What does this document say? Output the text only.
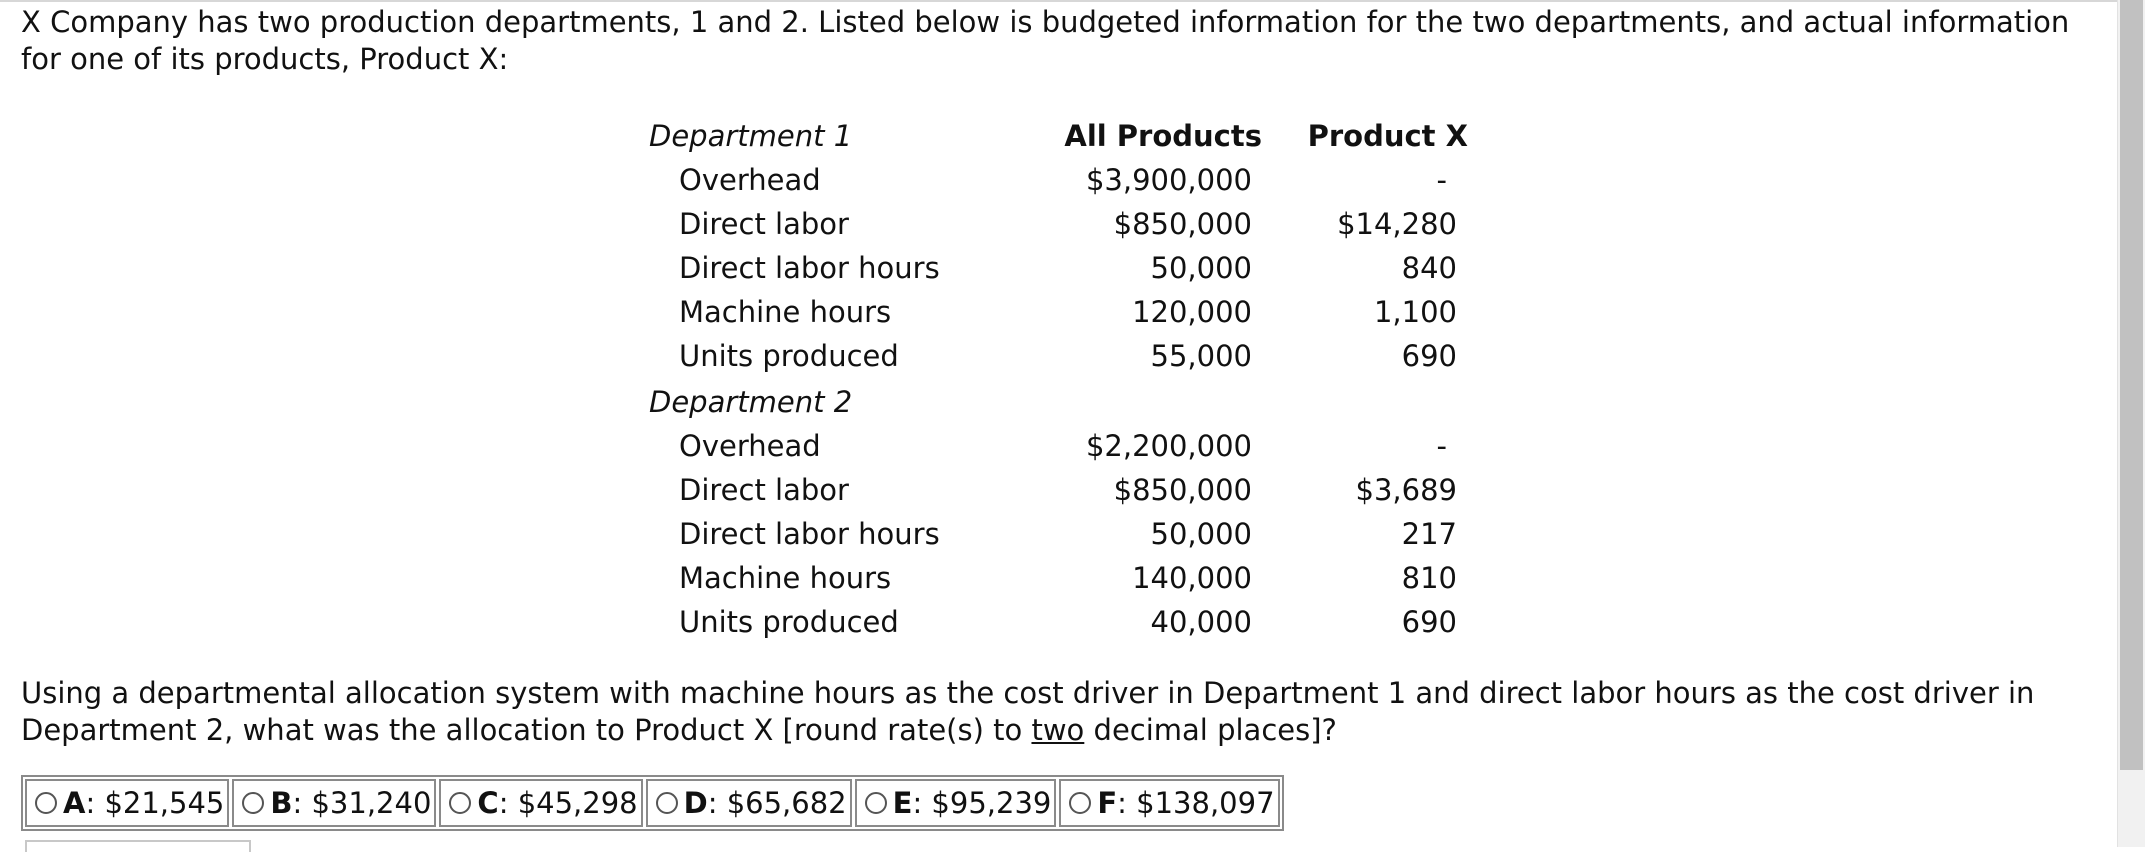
X Company has two production departments, 1 and 2. Listed below is budgeted information for the two departments, and actual information for one of its products, Product X:

Department 1	All Products Product X
Overhead	$3,900,000	-
Direct labor	$850,000	$14,280
Direct labor hours	50,000	840
Machine hours	120,000	1,100
Units produced	55,000	690
Department 2
Overhead	$2,200,000	-
Direct labor	$850,000	$3,689
Direct labor hours	50,000	217
Machine hours	140,000	810
Units produced	40,000	690

Using a departmental allocation system with machine hours as the cost driver in Department 1 and direct labor hours as the cost driver in Department 2, what was the allocation to Product X [round rate(s) to two decimal places]?

A : $21,545 B : $31,240 C : $45,298 D : $65,682 E : $95,239 F : $138,097
